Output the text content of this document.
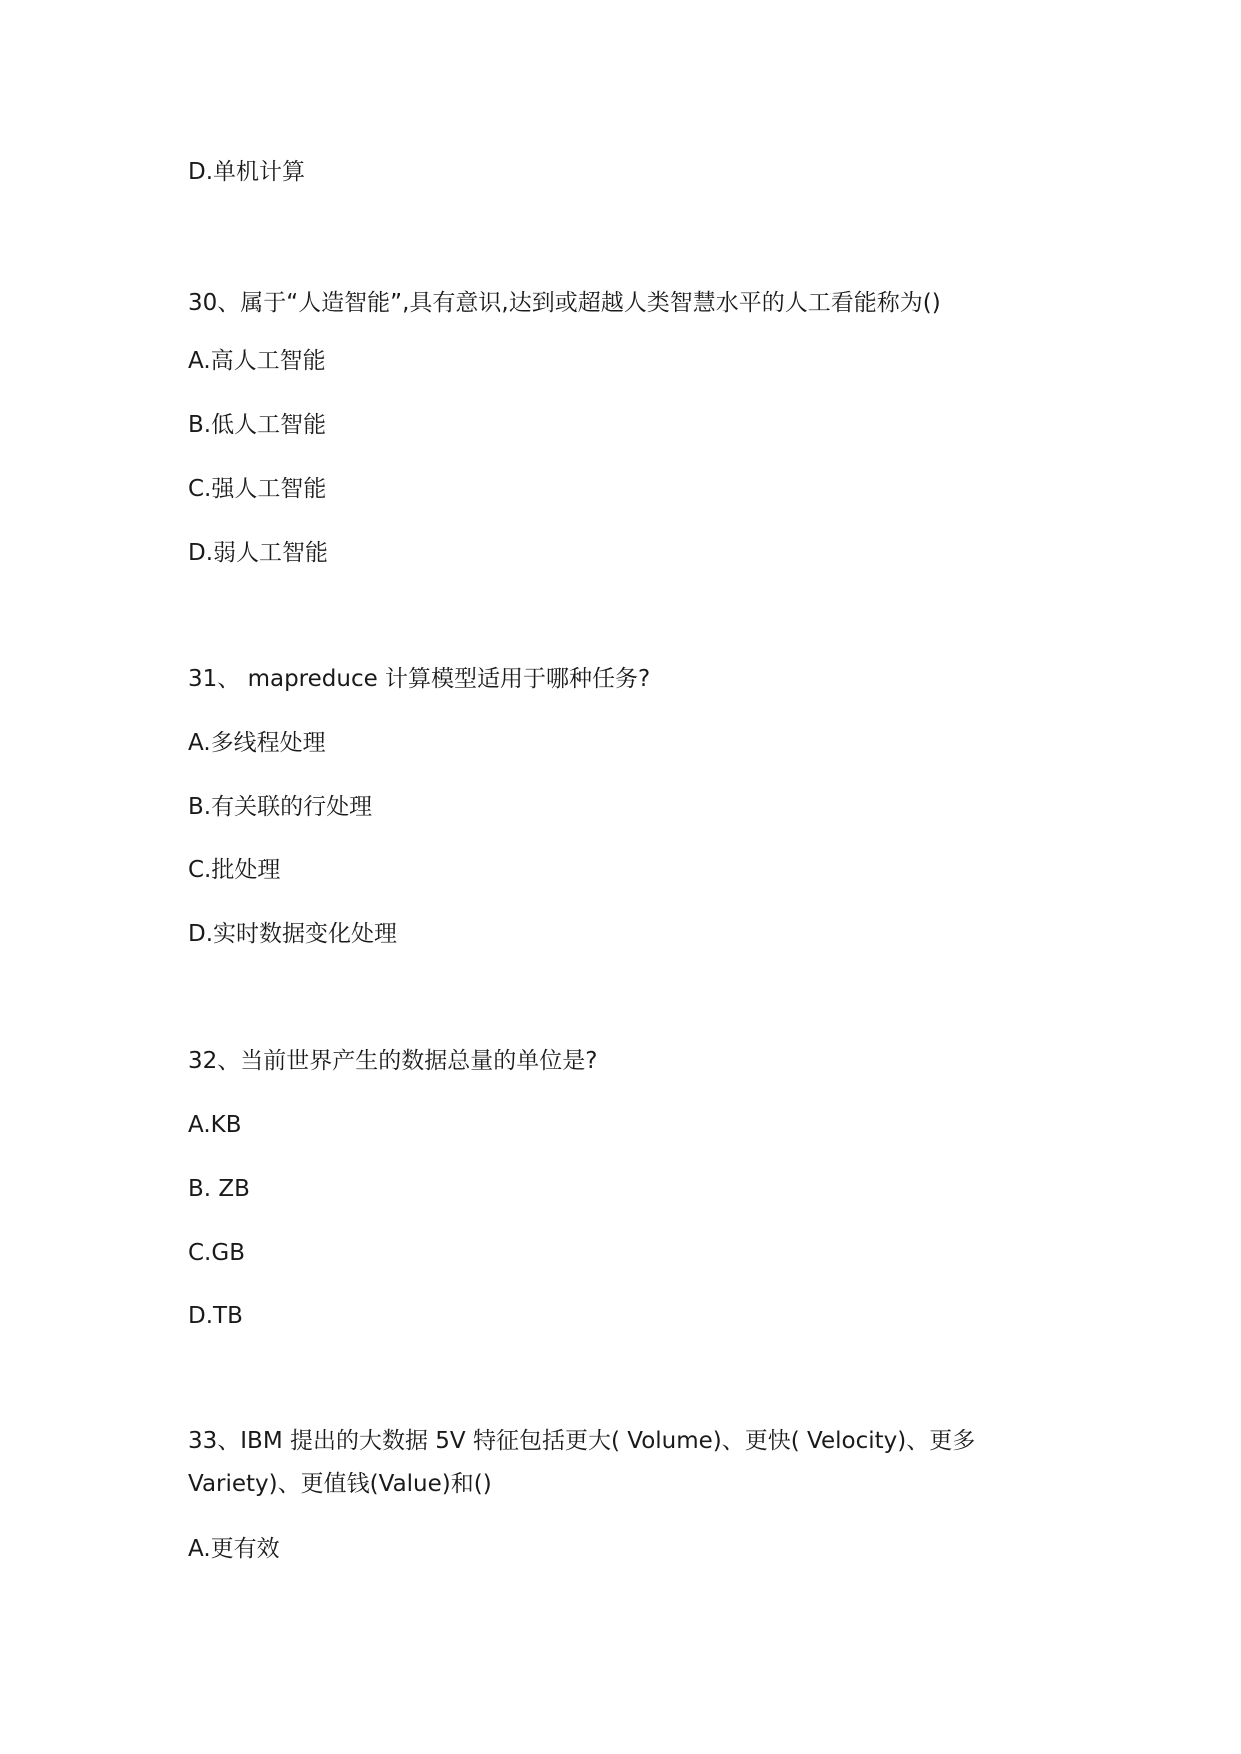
D.单机计算
30、属于“人造智能”,具有意识,达到或超越人类智慧水平的人工看能称为()
A.高人工智能
B.低人工智能
C.强人工智能
D.弱人工智能
31、 mapreduce 计算模型适用于哪种任务?
A.多线程处理
B.有关联的行处理
C.批处理
D.实时数据变化处理
32、当前世界产生的数据总量的单位是?
A.KB
B. ZB
C.GB
D.TB
33、IBM 提出的大数据 5V 特征包括更大( Volume)、更快( Velocity)、更多 Variety)、更值钱(Value)和()
A.更有效
